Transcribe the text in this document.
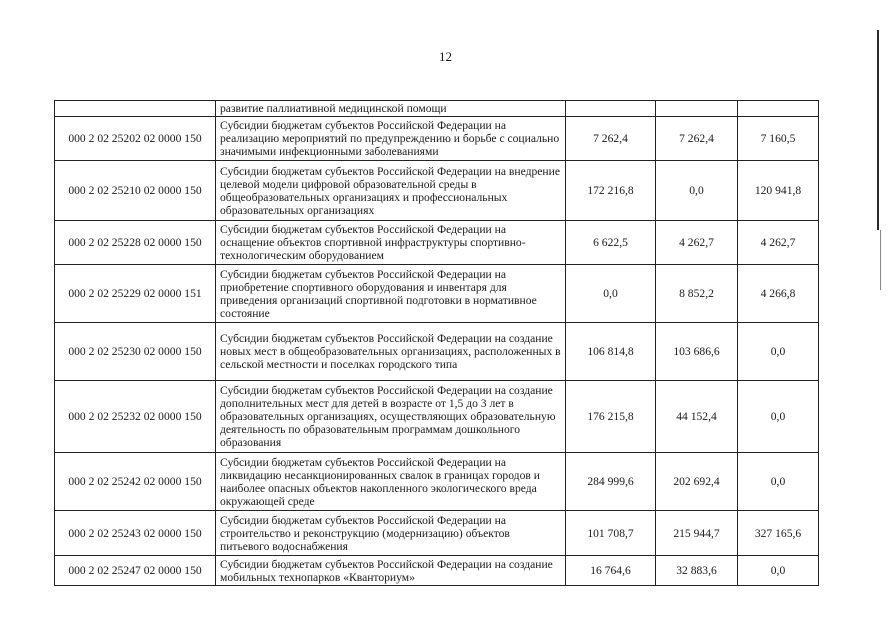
12
	развитие паллиативной медицинской помощи			
000 2 02 25202 02 0000 150	Субсидии бюджетам субъектов Российской Федерации на реализацию мероприятий по предупреждению и борьбе с социально значимыми инфекционными заболеваниями	7 262,4	7 262,4	7 160,5
000 2 02 25210 02 0000 150	Субсидии бюджетам субъектов Российской Федерации на внедрение целевой модели цифровой образовательной среды в общеобразовательных организациях и профессиональных образовательных организациях	172 216,8	0,0	120 941,8
000 2 02 25228 02 0000 150	Субсидии бюджетам субъектов Российской Федерации на оснащение объектов спортивной инфраструктуры спортивно-технологическим оборудованием	6 622,5	4 262,7	4 262,7
000 2 02 25229 02 0000 151	Субсидии бюджетам субъектов Российской Федерации на приобретение спортивного оборудования и инвентаря для приведения организаций спортивной подготовки в нормативное состояние	0,0	8 852,2	4 266,8
000 2 02 25230 02 0000 150	Субсидии бюджетам субъектов Российской Федерации на создание новых мест в общеобразовательных организациях, расположенных в сельской местности и поселках городского типа	106 814,8	103 686,6	0,0
000 2 02 25232 02 0000 150	Субсидии бюджетам субъектов Российской Федерации на создание дополнительных мест для детей в возрасте от 1,5 до 3 лет в образовательных организациях, осуществляющих образовательную деятельность по образовательным программам дошкольного образования	176 215,8	44 152,4	0,0
000 2 02 25242 02 0000 150	Субсидии бюджетам субъектов Российской Федерации на ликвидацию несанкционированных свалок в границах городов и наиболее опасных объектов накопленного экологического вреда окружающей среде	284 999,6	202 692,4	0,0
000 2 02 25243 02 0000 150	Субсидии бюджетам субъектов Российской Федерации на строительство и реконструкцию (модернизацию) объектов питьевого водоснабжения	101 708,7	215 944,7	327 165,6
000 2 02 25247 02 0000 150	Субсидии бюджетам субъектов Российской Федерации на создание мобильных технопарков «Кванториум»	16 764,6	32 883,6	0,0
